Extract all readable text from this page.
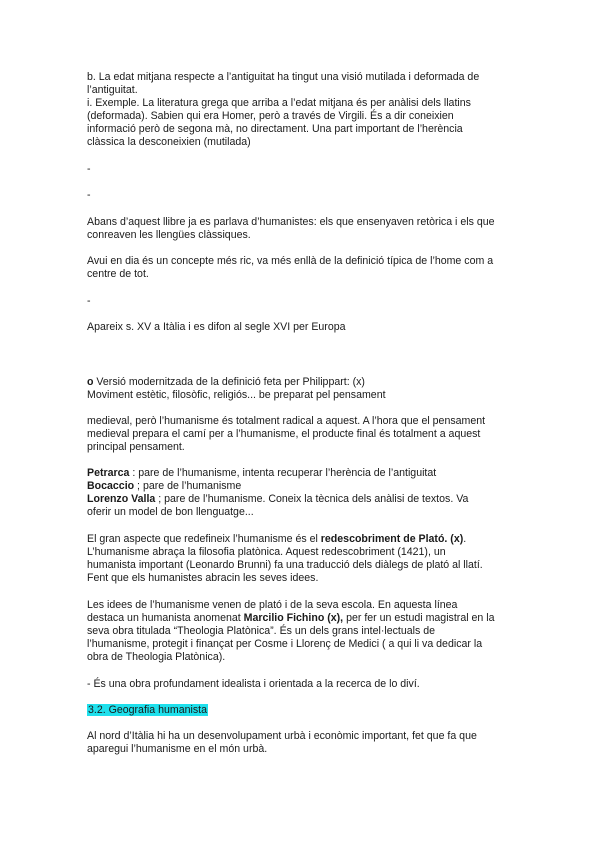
b. La edat mitjana respecte a l’antiguitat ha tingut una visió mutilada i deformada de
l’antiguitat.
i. Exemple. La literatura grega que arriba a l’edat mitjana és per anàlisi dels llatins
(deformada). Sabien qui era Homer, però a través de Virgili. És a dir coneixien
informació però de segona mà, no directament. Una part important de l’herència
clàssica la desconeixien (mutilada)

-
-

Abans d’aquest llibre ja es parlava d’humanistes: els que ensenyaven retòrica i els que
conreaven les llengües clàssiques.

Avui en dia és un concepte més ric, va més enllà de la definició típica de l’home com a
centre de tot.

-

Apareix s. XV a Itàlia i es difon al segle XVI per Europa

o Versió modernitzada de la definició feta per Philippart: (x)
Moviment estètic, filosòfic, religiós... be preparat pel pensament

medieval, però l’humanisme és totalment radical a aquest. A l’hora que el pensament
medieval prepara el camí per a l’humanisme, el producte final és totalment a aquest
principal pensament.

Petrarca : pare de l’humanisme, intenta recuperar l’herència de l’antiguitat
Bocaccio ; pare de l’humanisme
Lorenzo Valla ; pare de l’humanisme. Coneix la tècnica dels anàlisi de textos. Va
oferir un model de bon llenguatge...

El gran aspecte que redefineix l’humanisme és el redescobriment de Plató. (x).
L’humanisme abraça la filosofia platònica. Aquest redescobriment (1421), un
humanista important (Leonardo Brunni) fa una traducció dels diàlegs de plató al llatí.
Fent que els humanistes abracin les seves idees.

Les idees de l’humanisme venen de plató i de la seva escola. En aquesta línea
destaca un humanista anomenat Marcilio Fichino (x), per fer un estudi magistral en la
seva obra titulada “Theologia Platònica”. És un dels grans intel·lectuals de
l’humanisme, protegit i finançat per Cosme i Llorenç de Medici ( a qui li va dedicar la
obra de Theologia Platònica).

- És una obra profundament idealista i orientada a la recerca de lo diví.

3.2. Geografia humanista

Al nord d’Itàlia hi ha un desenvolupament urbà i econòmic important, fet que fa que
aparegui l’humanisme en el món urbà.
